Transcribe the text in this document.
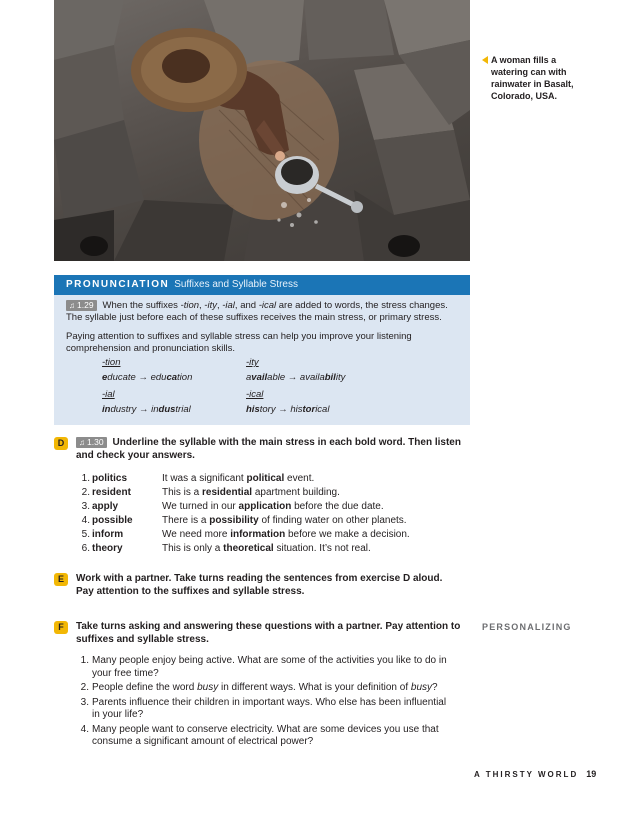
A woman fills a watering can with rainwater in Basalt, Colorado, USA.
PRONUNCIATION Suffixes and Syllable Stress

♫ 1.29 When the suffixes -tion, -ity, -ial, and -ical are added to words, the stress changes. The syllable just before each of these suffixes receives the main stress, or primary stress.

Paying attention to suffixes and syllable stress can help you improve your listening comprehension and pronunciation skills.

-tion
educate → education
-ity
available → availability
-ial
industry → industrial
-ical
history → historical
D	♫ 1.30 Underline the syllable with the main stress in each bold word. Then listen and check your answers.
1. politics	It was a significant political event.
2. resident	This is a residential apartment building.
3. apply	We turned in our application before the due date.
4. possible	There is a possibility of finding water on other planets.
5. inform	We need more information before we make a decision.
6. theory	This is only a theoretical situation. It’s not real.
E	Work with a partner. Take turns reading the sentences from exercise D aloud.
Pay attention to the suffixes and syllable stress.
F	Take turns asking and answering these questions with a partner. Pay attention to
suffixes and syllable stress.
PERSONALIZING
1. Many people enjoy being active. What are some of the activities you like to do in
your free time?
2. People define the word busy in different ways. What is your definition of busy?
3. Parents influence their children in important ways. Who else has been influential
in your life?
4. Many people want to conserve electricity. What are some devices you use that
consume a significant amount of electrical power?
A THIRSTY WORLD 19
